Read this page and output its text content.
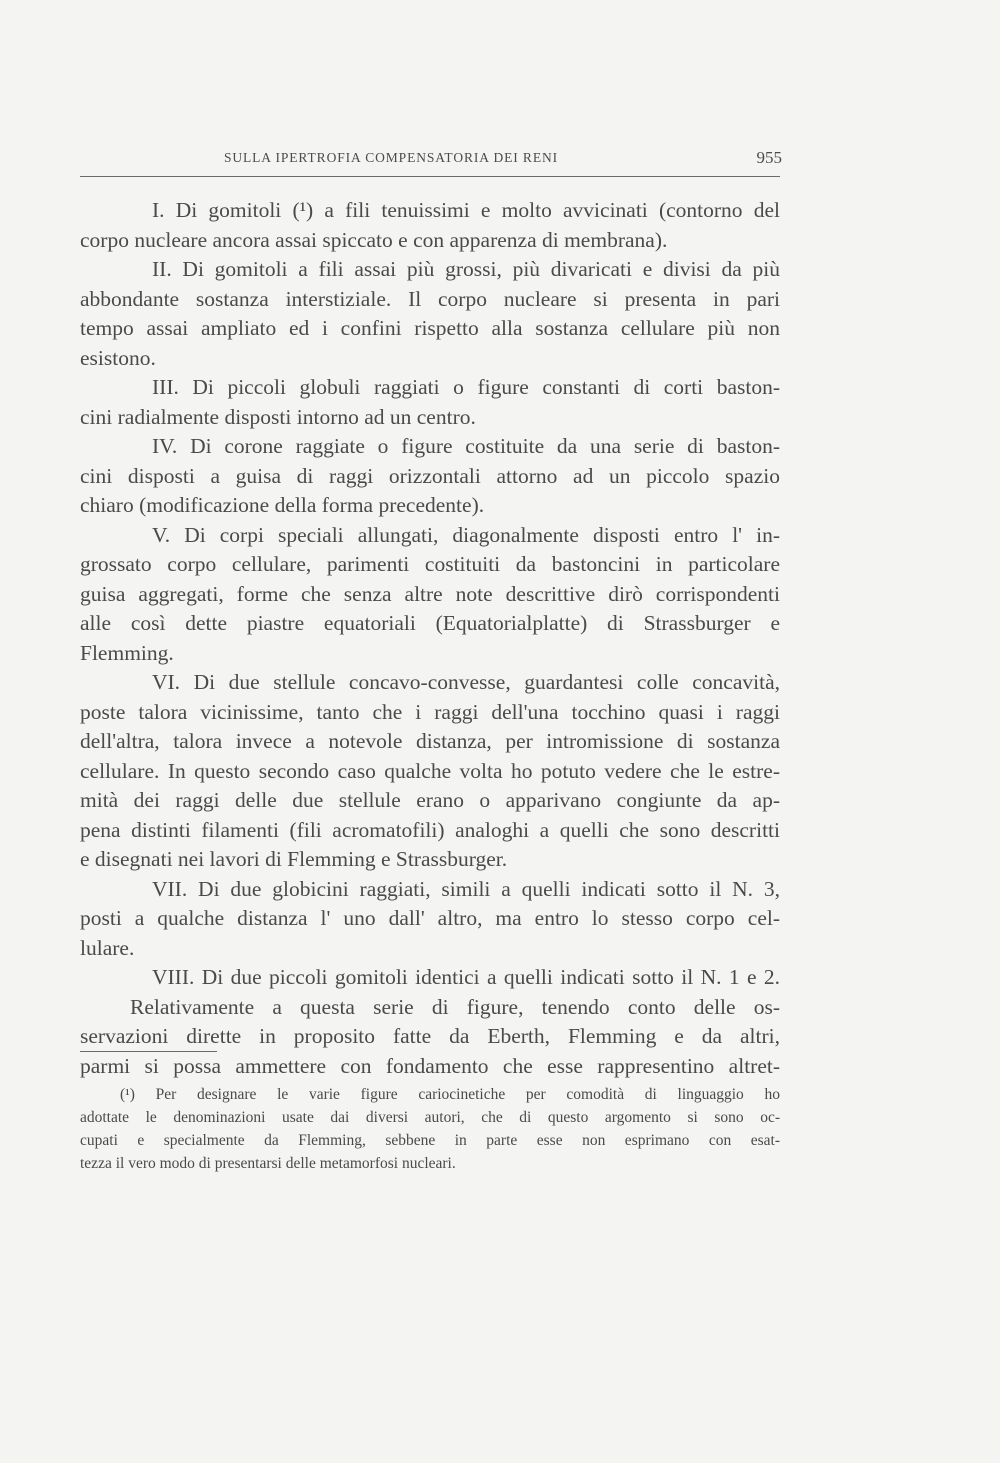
SULLA IPERTROFIA COMPENSATORIA DEI RENI	955
I. Di gomitoli (¹) a fili tenuissimi e molto avvicinati (contorno del
corpo nucleare ancora assai spiccato e con apparenza di membrana).
II. Di gomitoli a fili assai più grossi, più divaricati e divisi da più
abbondante sostanza interstiziale. Il corpo nucleare si presenta in pari
tempo assai ampliato ed i confini rispetto alla sostanza cellulare più non
esistono.
III. Di piccoli globuli raggiati o figure constanti di corti baston-
cini radialmente disposti intorno ad un centro.
IV. Di corone raggiate o figure costituite da una serie di baston-
cini disposti a guisa di raggi orizzontali attorno ad un piccolo spazio
chiaro (modificazione della forma precedente).
V. Di corpi speciali allungati, diagonalmente disposti entro l' in-
grossato corpo cellulare, parimenti costituiti da bastoncini in particolare
guisa aggregati, forme che senza altre note descrittive dirò corrispondenti
alle così dette piastre equatoriali (Equatorialplatte) di Strassburger e
Flemming.
VI. Di due stellule concavo-convesse, guardantesi colle concavità,
poste talora vicinissime, tanto che i raggi dell'una tocchino quasi i raggi
dell'altra, talora invece a notevole distanza, per intromissione di sostanza
cellulare. In questo secondo caso qualche volta ho potuto vedere che le estre-
mità dei raggi delle due stellule erano o apparivano congiunte da ap-
pena distinti filamenti (fili acromatofili) analoghi a quelli che sono descritti
e disegnati nei lavori di Flemming e Strassburger.
VII. Di due globicini raggiati, simili a quelli indicati sotto il N. 3,
posti a qualche distanza l' uno dall' altro, ma entro lo stesso corpo cel-
lulare.
VIII. Di due piccoli gomitoli identici a quelli indicati sotto il N. 1 e 2.
Relativamente a questa serie di figure, tenendo conto delle os-
servazioni dirette in proposito fatte da Eberth, Flemming e da altri,
parmi si possa ammettere con fondamento che esse rappresentino altret-
(¹) Per designare le varie figure cariocinetiche per comodità di linguaggio ho
adottate le denominazioni usate dai diversi autori, che di questo argomento si sono oc-
cupati e specialmente da Flemming, sebbene in parte esse non esprimano con esat-
tezza il vero modo di presentarsi delle metamorfosi nucleari.
